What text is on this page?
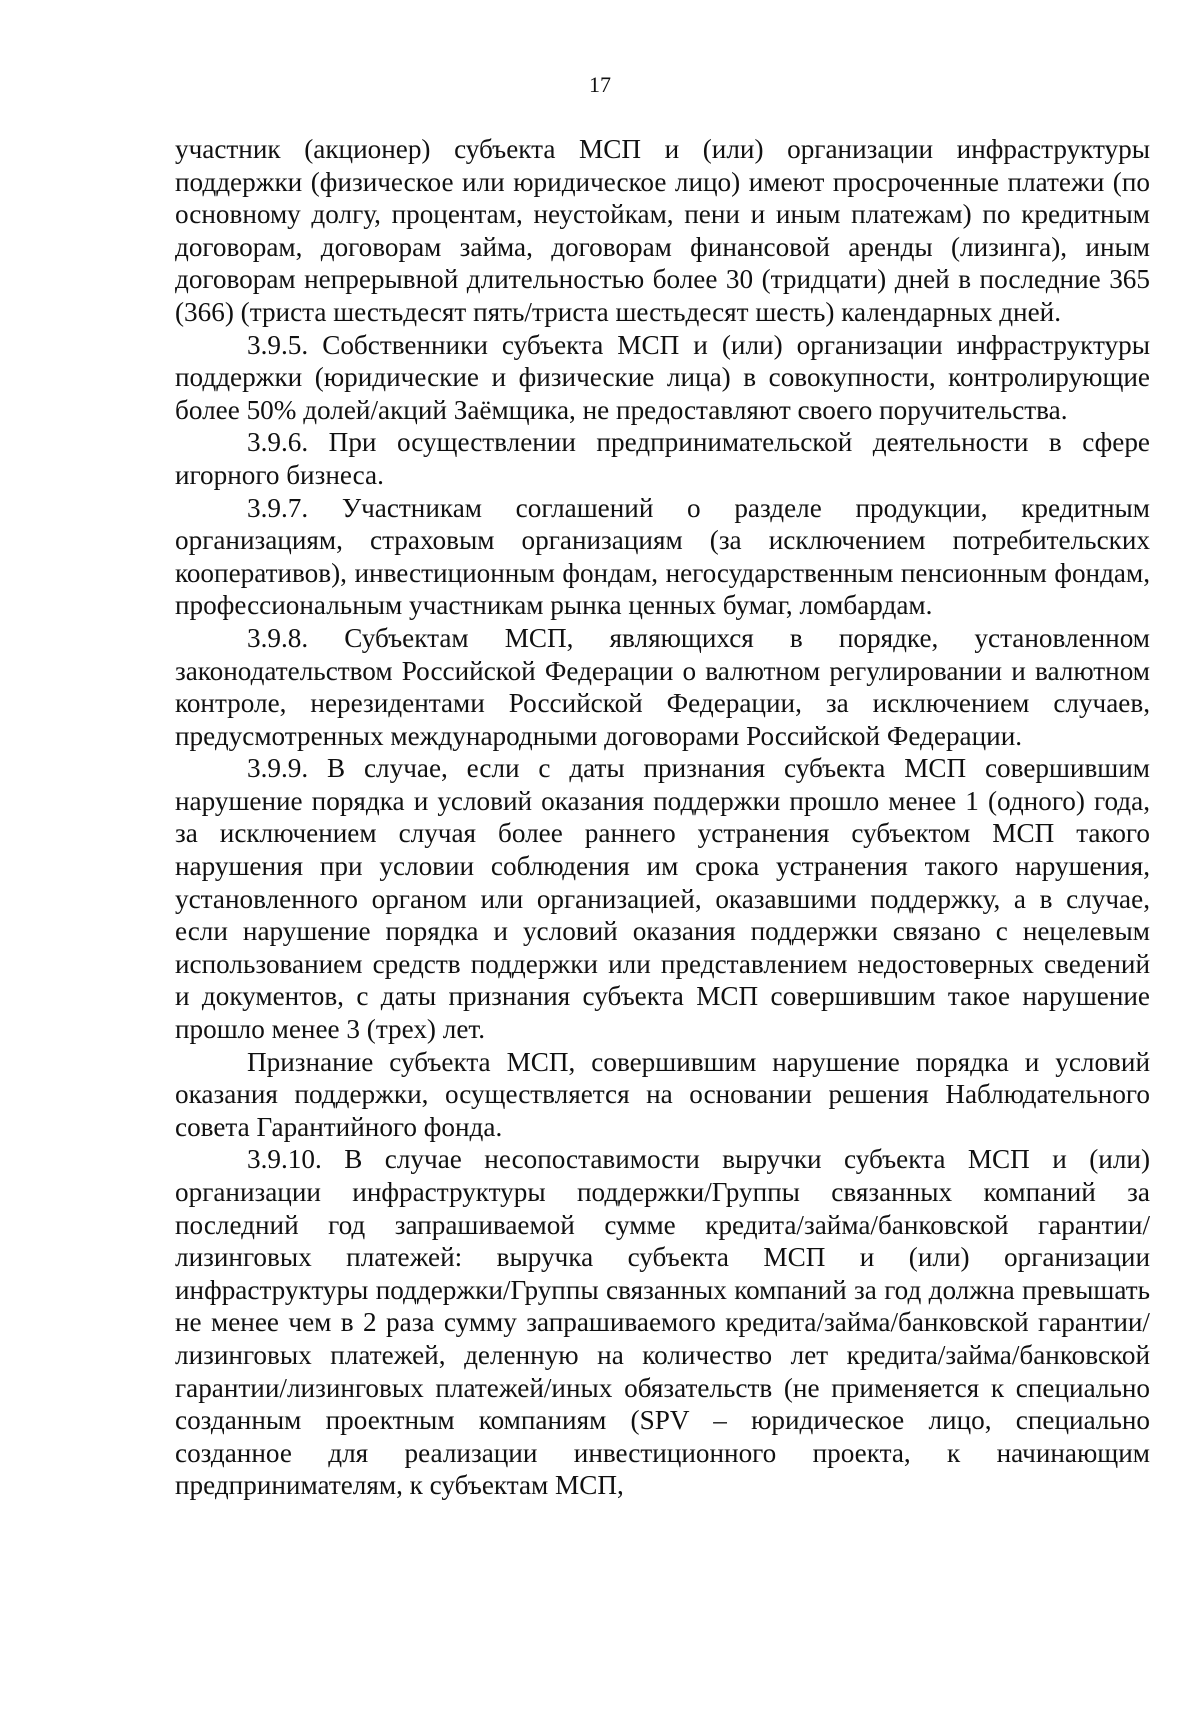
17

участник (акционер) субъекта МСП и (или) организации инфраструктуры поддержки (физическое или юридическое лицо) имеют просроченные платежи (по основному долгу, процентам, неустойкам, пени и иным платежам) по кредитным договорам, договорам займа, договорам финансовой аренды (лизинга), иным договорам непрерывной длительностью более 30 (тридцати) дней в последние 365 (366) (триста шестьдесят пять/триста шестьдесят шесть) календарных дней.

3.9.5. Собственники субъекта МСП и (или) организации инфраструктуры поддержки (юридические и физические лица) в совокупности, контролирующие более 50% долей/акций Заёмщика, не предоставляют своего поручительства.

3.9.6. При осуществлении предпринимательской деятельности в сфере игорного бизнеса.

3.9.7. Участникам соглашений о разделе продукции, кредитным организациям, страховым организациям (за исключением потребительских кооперативов), инвестиционным фондам, негосударственным пенсионным фондам, профессиональным участникам рынка ценных бумаг, ломбардам.

3.9.8. Субъектам МСП, являющихся в порядке, установленном законодательством Российской Федерации о валютном регулировании и валютном контроле, нерезидентами Российской Федерации, за исключением случаев, предусмотренных международными договорами Российской Федерации.

3.9.9. В случае, если с даты признания субъекта МСП совершившим нарушение порядка и условий оказания поддержки прошло менее 1 (одного) года, за исключением случая более раннего устранения субъектом МСП такого нарушения при условии соблюдения им срока устранения такого нарушения, установленного органом или организацией, оказавшими поддержку, а в случае, если нарушение порядка и условий оказания поддержки связано с нецелевым использованием средств поддержки или представлением недостоверных сведений и документов, с даты признания субъекта МСП совершившим такое нарушение прошло менее 3 (трех) лет.

Признание субъекта МСП, совершившим нарушение порядка и условий оказания поддержки, осуществляется на основании решения Наблюдательного совета Гарантийного фонда.

3.9.10. В случае несопоставимости выручки субъекта МСП и (или) организации инфраструктуры поддержки/Группы связанных компаний за последний год запрашиваемой сумме кредита/займа/банковской гарантии/лизинговых платежей: выручка субъекта МСП и (или) организации инфраструктуры поддержки/Группы связанных компаний за год должна превышать не менее чем в 2 раза сумму запрашиваемого кредита/займа/банковской гарантии/лизинговых платежей, деленную на количество лет кредита/займа/банковской гарантии/лизинговых платежей/иных обязательств (не применяется к специально созданным проектным компаниям (SPV – юридическое лицо, специально созданное для реализации инвестиционного проекта, к начинающим предпринимателям, к субъектам МСП,
